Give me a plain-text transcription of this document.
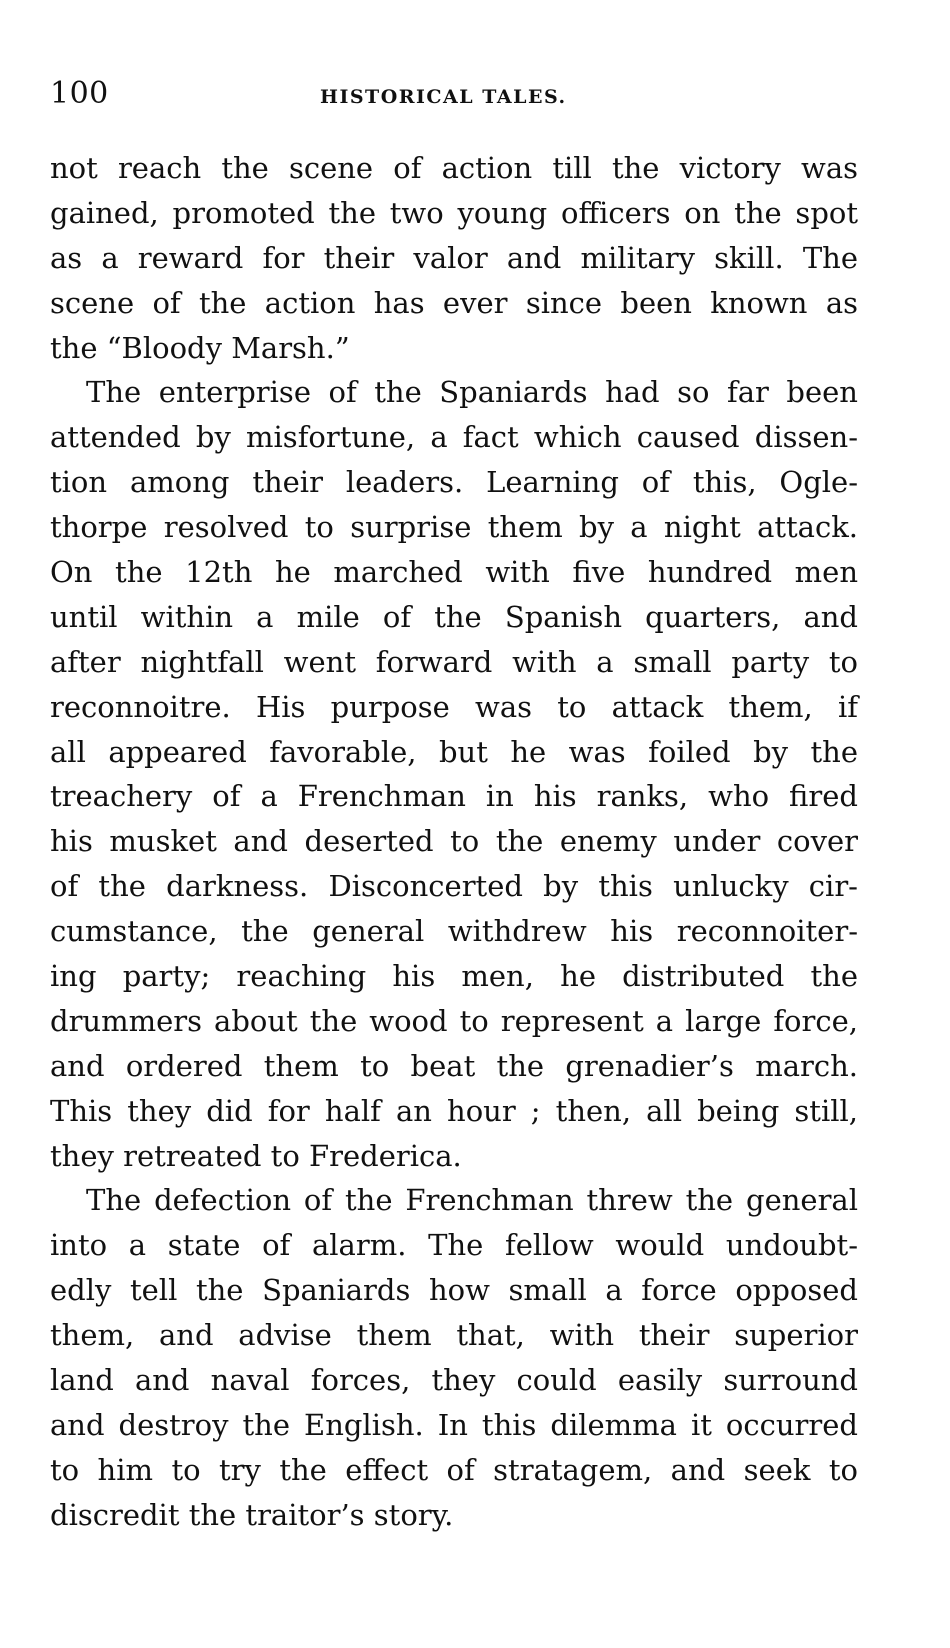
100	HISTORICAL TALES.
not reach the scene of action till the victory was
gained, promoted the two young officers on the spot
as a reward for their valor and military skill. The
scene of the action has ever since been known as
the “Bloody Marsh.”
The enterprise of the Spaniards had so far been
attended by misfortune, a fact which caused dissen-
tion among their leaders. Learning of this, Ogle-
thorpe resolved to surprise them by a night attack.
On the 12th he marched with five hundred men
until within a mile of the Spanish quarters, and
after nightfall went forward with a small party to
reconnoitre. His purpose was to attack them, if
all appeared favorable, but he was foiled by the
treachery of a Frenchman in his ranks, who fired
his musket and deserted to the enemy under cover
of the darkness. Disconcerted by this unlucky cir-
cumstance, the general withdrew his reconnoiter-
ing party; reaching his men, he distributed the
drummers about the wood to represent a large force,
and ordered them to beat the grenadier’s march.
This they did for half an hour ; then, all being still,
they retreated to Frederica.
The defection of the Frenchman threw the general
into a state of alarm. The fellow would undoubt-
edly tell the Spaniards how small a force opposed
them, and advise them that, with their superior
land and naval forces, they could easily surround
and destroy the English. In this dilemma it occurred
to him to try the effect of stratagem, and seek to
discredit the traitor’s story.
